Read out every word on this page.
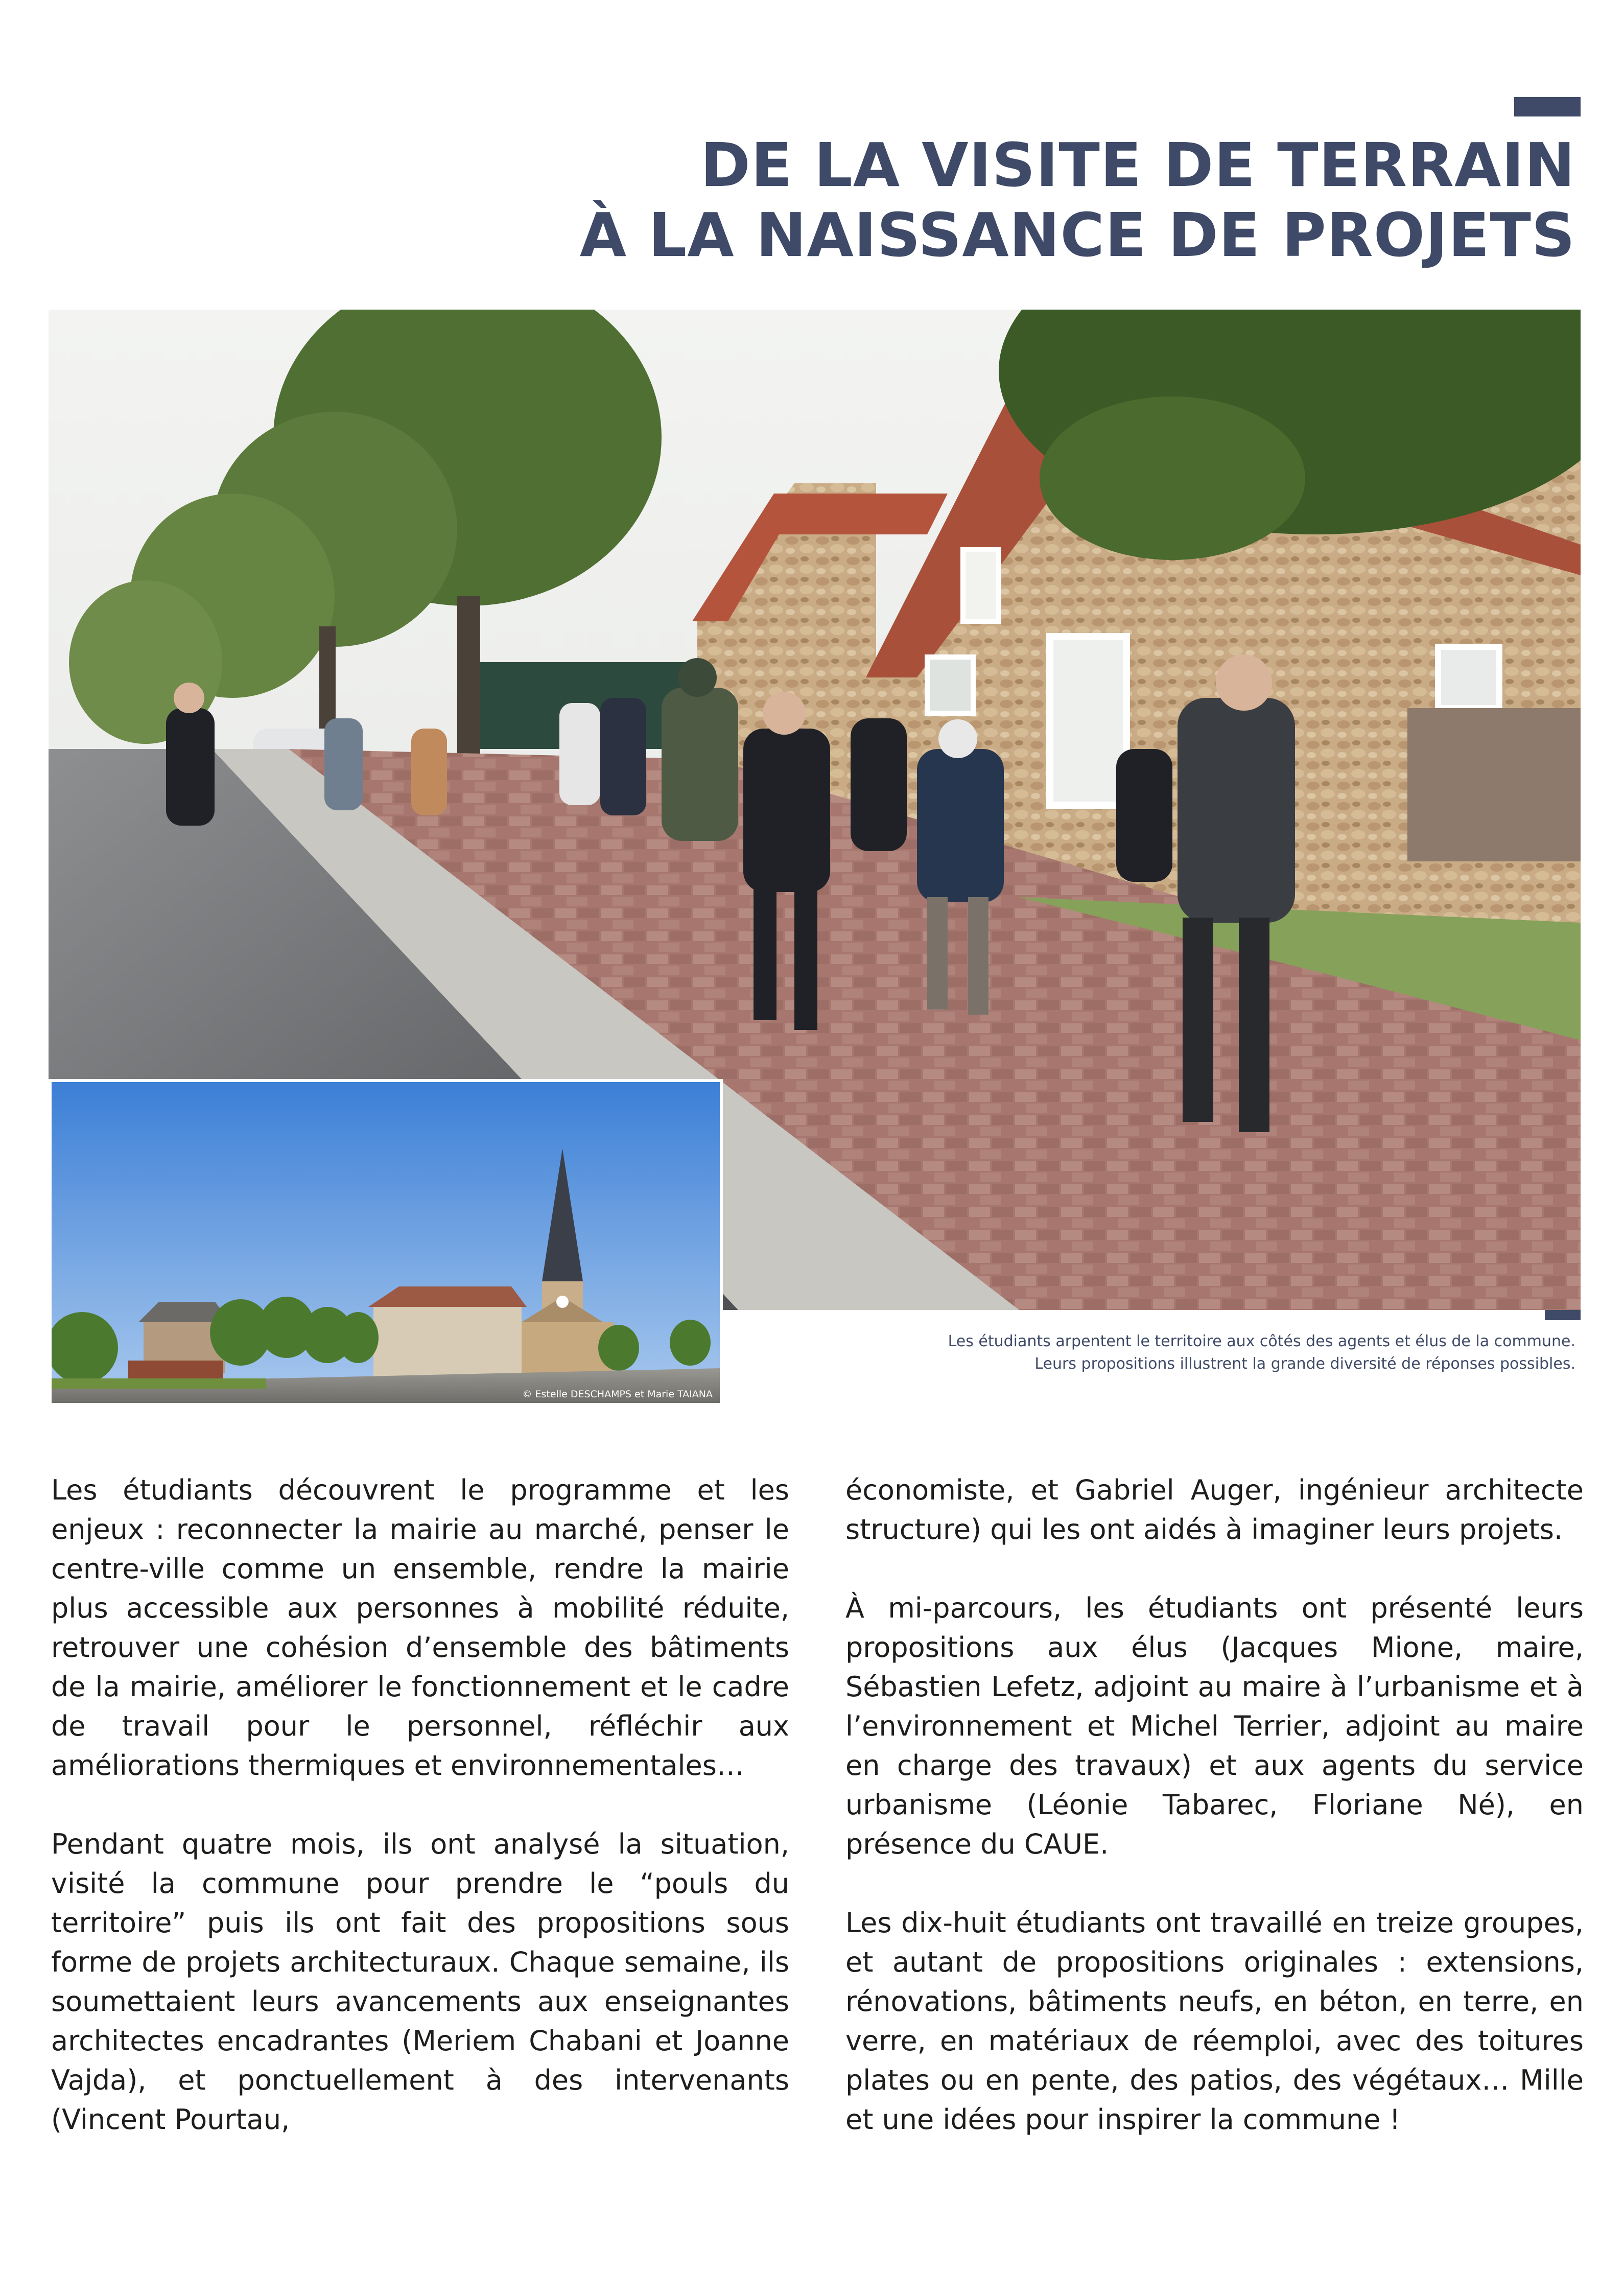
DE LA VISITE DE TERRAIN
À LA NAISSANCE DE PROJETS
© Estelle DESCHAMPS et Marie TAIANA
Les étudiants arpentent le territoire aux côtés des agents et élus de la commune.
Leurs propositions illustrent la grande diversité de réponses possibles.

Les étudiants découvrent le programme et les enjeux : reconnecter la mairie au marché, penser le centre-ville comme un ensemble, rendre la mairie plus accessible aux personnes à mobilité réduite, retrouver une cohésion d’ensemble des bâtiments de la mairie, améliorer le fonctionnement et le cadre de travail pour le personnel, réfléchir aux améliorations thermiques et environnementales…

Pendant quatre mois, ils ont analysé la situation, visité la commune pour prendre le “pouls du territoire” puis ils ont fait des propositions sous forme de projets architecturaux. Chaque semaine, ils soumettaient leurs avancements aux enseignantes architectes encadrantes (Meriem Chabani et Joanne Vajda), et ponctuellement à des intervenants (Vincent Pourtau,

économiste, et Gabriel Auger, ingénieur architecte structure) qui les ont aidés à imaginer leurs projets.

À mi-parcours, les étudiants ont présenté leurs propositions aux élus (Jacques Mione, maire, Sébastien Lefetz, adjoint au maire à l’urbanisme et à l’environnement et Michel Terrier, adjoint au maire en charge des travaux) et aux agents du service urbanisme (Léonie Tabarec, Floriane Né), en présence du CAUE.

Les dix-huit étudiants ont travaillé en treize groupes, et autant de propositions originales : extensions, rénovations, bâtiments neufs, en béton, en terre, en verre, en matériaux de réemploi, avec des toitures plates ou en pente, des patios, des végétaux… Mille et une idées pour inspirer la commune !
